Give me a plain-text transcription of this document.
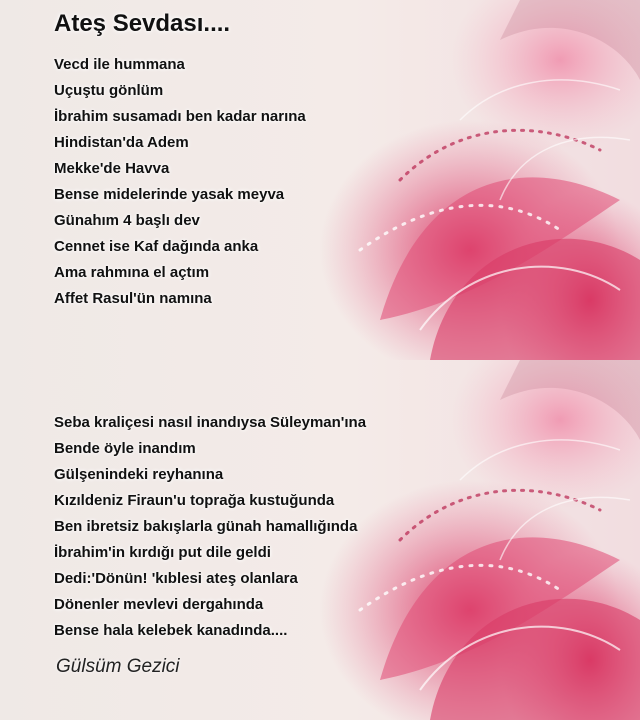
Ateş Sevdası....
Vecd ile hummana
Uçuştu gönlüm
İbrahim susamadı ben kadar narına
Hindistan'da Adem
Mekke'de Havva
Bense midelerinde yasak meyva
Günahım 4 başlı dev
Cennet ise Kaf dağında anka
Ama rahmına el açtım
Affet Rasul'ün namına
Seba kraliçesi nasıl inandıysa Süleyman'ına
Bende öyle inandım
Gülşenindeki reyhanına
Kızıldeniz Firaun'u toprağa kustuğunda
Ben ibretsiz bakışlarla günah hamallığında
İbrahim'in kırdığı put dile geldi
Dedi:'Dönün! 'kıblesi ateş olanlara
Dönenler mevlevi dergahında
Bense hala kelebek kanadında....
Gülsüm Gezici
